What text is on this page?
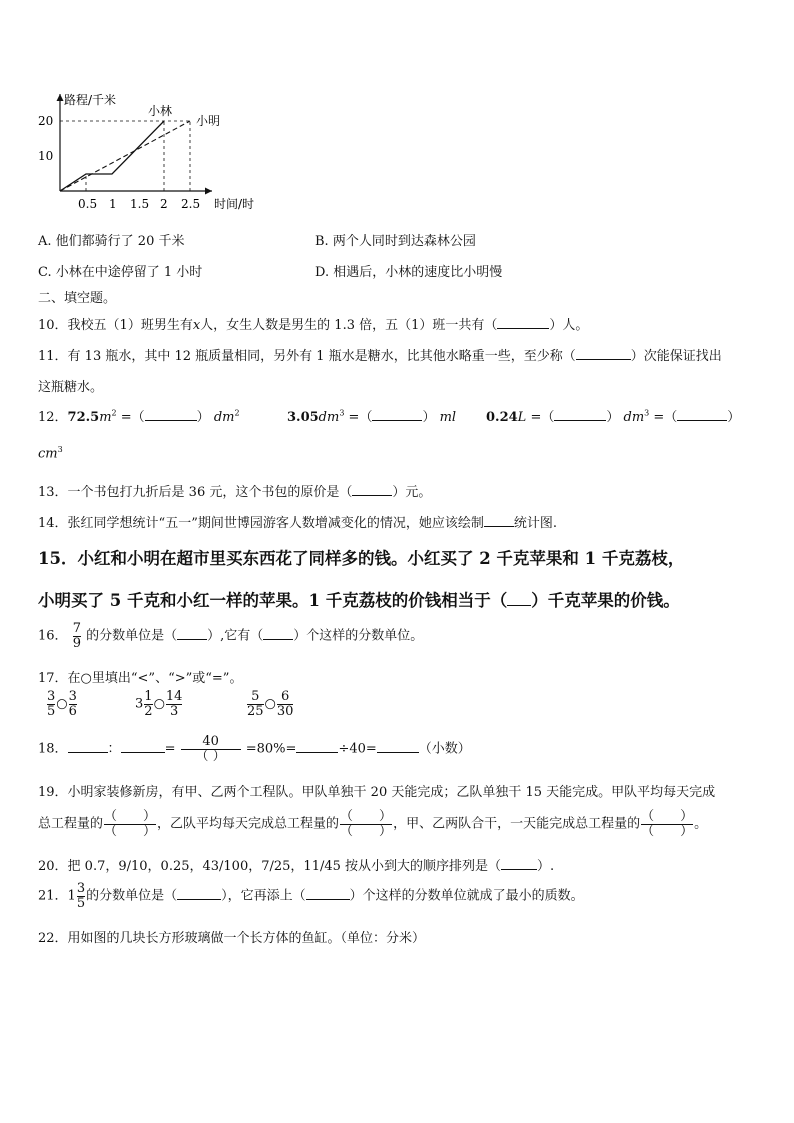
路程/千米
时间/时
20
10
0.5 1 1.5 2 2.5
小林
小明
A. 他们都骑行了 20 千米	B. 两个人同时到达森林公园
C. 小林在中途停留了 1 小时	D. 相遇后，小林的速度比小明慢
二、填空题。
10．我校五（1）班男生有x人，女生人数是男生的 1.3 倍，五（1）班一共有（	）人。
11．有 13 瓶水，其中 12 瓶质量相同，另外有 1 瓶水是糖水，比其他水略重一些，至少称（	）次能保证找出
这瓶糖水。
12．$72.5m^2$ =（	） $dm^2$	$3.05dm^3$ =（	） ml 0.24L =（	） $dm^3$ =（	）
$cm^3$
13．一个书包打九折后是 36 元，这个书包的原价是（	）元。
14．张红同学想统计“五一”期间世博园游客人数增减变化的情况，她应该绘制 统计图.
15．小红和小明在超市里买东西花了同样多的钱。小红买了 2 千克苹果和 1 千克荔枝，
小明买了 5 千克和小红一样的苹果。1 千克荔枝的价钱相当于（ ）千克苹果的价钱。
16． $\frac{7}{9}$ 的分数单位是（ ）,它有（ ）个这样的分数单位。
17．在○里填出“<”、“>”或“=”。
$\frac{3}{5}$ ○ $\frac{3}{6}$	$3 \frac{1}{2}$ ○ $\frac{14}{3}$	$\frac{5}{25}$ ○ $\frac{6}{30}$
18．	：	= $\frac{40}{( )} =80\%=$	÷40=	（小数）
19．小明家装修新房，有甲、乙两个工程队。甲队单独干 20 天能完成；乙队单独干 15 天能完成。甲队平均每天完成
总工程量的 $\frac{( )}{( )}$ ，乙队平均每天完成总工程量的 $\frac{( )}{( )}$ ，甲、乙两队合干，一天能完成总工程量的 $\frac{( )}{( )}$ 。
20．把 0.7，9/10，0.25，43/100，7/25，11/45 按从小到大的顺序排列是（	）.
21．$1 \frac{3}{5}$ 的分数单位是（	），它再添上（	）个这样的分数单位就成了最小的质数。
22．用如图的几块长方形玻璃做一个长方体的鱼缸。（单位：分米）
